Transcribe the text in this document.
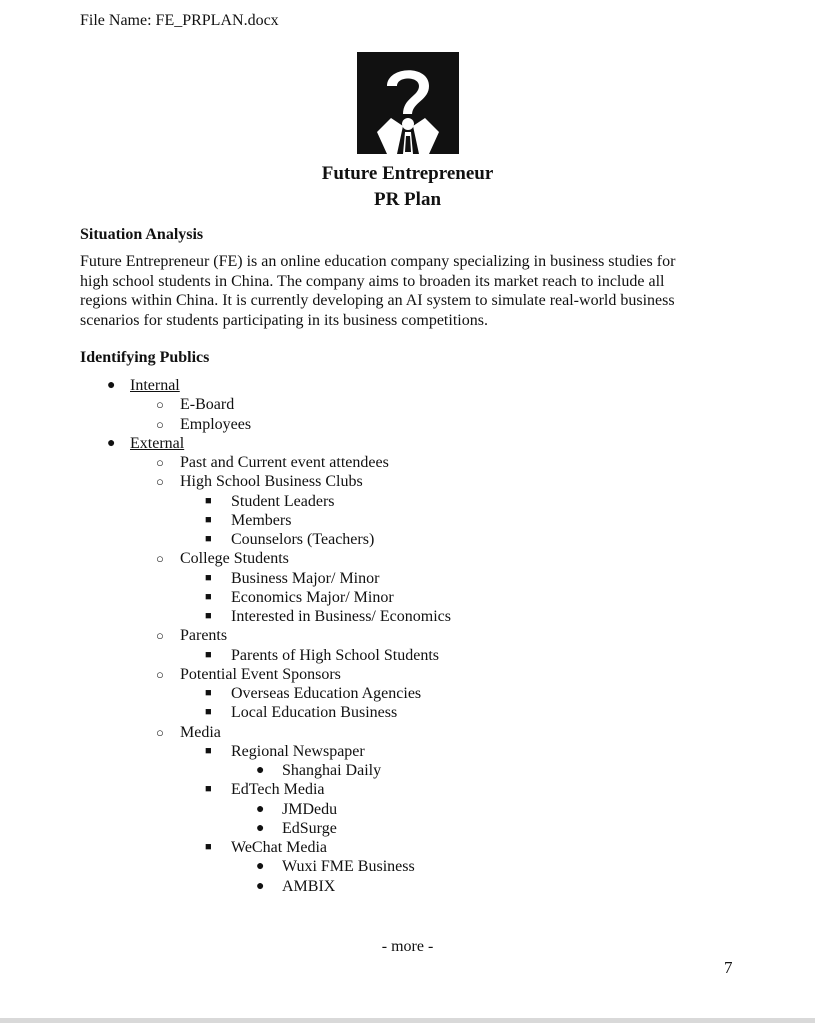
File Name: FE_PRPLAN.docx
Future Entrepreneur
PR Plan
Situation Analysis
Future Entrepreneur (FE) is an online education company specializing in business studies for
high school students in China. The company aims to broaden its market reach to include all
regions within China. It is currently developing an AI system to simulate real-world business
scenarios for students participating in its business competitions.
Identifying Publics
● Internal
○ E-Board
○ Employees
● External
○ Past and Current event attendees
○ High School Business Clubs
■ Student Leaders
■ Members
■ Counselors (Teachers)
○ College Students
■ Business Major/ Minor
■ Economics Major/ Minor
■ Interested in Business/ Economics
○ Parents
■ Parents of High School Students
○ Potential Event Sponsors
■ Overseas Education Agencies
■ Local Education Business
○ Media
■ Regional Newspaper
● Shanghai Daily
■ EdTech Media
● JMDedu
● EdSurge
■ WeChat Media
● Wuxi FME Business
● AMBIX
- more -
7
